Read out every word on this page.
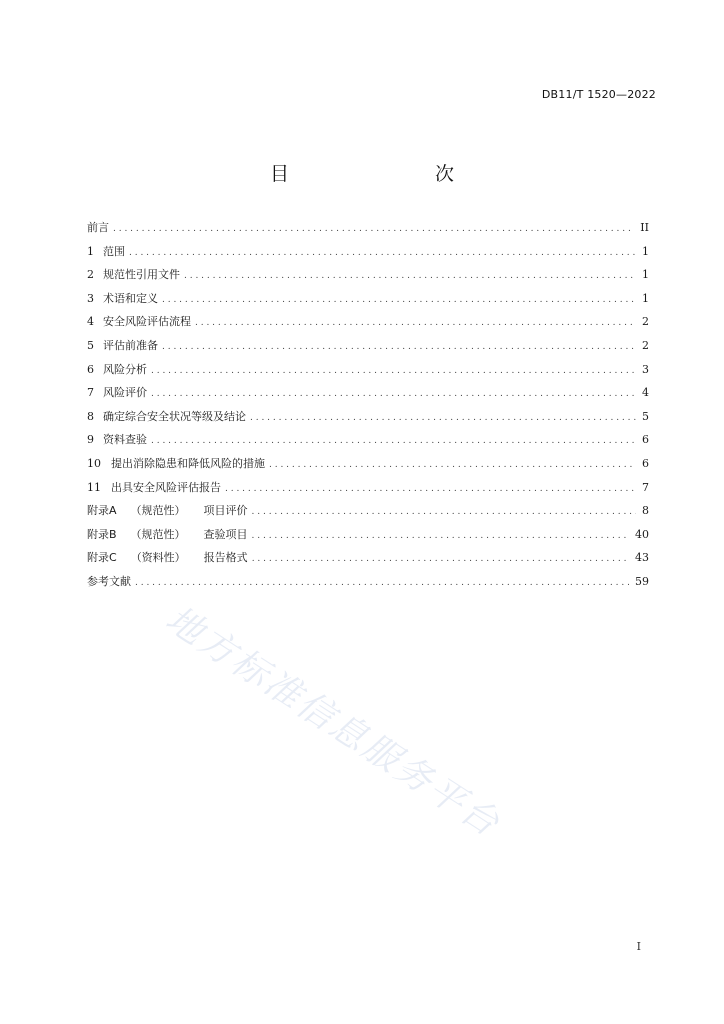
DB11/T 1520—2022
目　　次
前言 . . .	II
1 范围 . . .	1
2 规范性引用文件 . . .	1
3 术语和定义 . . .	1
4 安全风险评估流程 . . .	2
5 评估前准备 . . .	2
6 风险分析 . . .	3
7 风险评价 . . .	4
8 确定综合安全状况等级及结论 . . .	5
9 资料查验 . . .	6
10 提出消除隐患和降低风险的措施 . . .	6
11 出具安全风险评估报告 . . .	7
附录A （规范性） 项目评价 . . .	8
附录B （规范性） 查验项目 . . .	40
附录C （资料性） 报告格式 . . .	43
参考文献 . . .	59
地方标准信息服务平台
I
